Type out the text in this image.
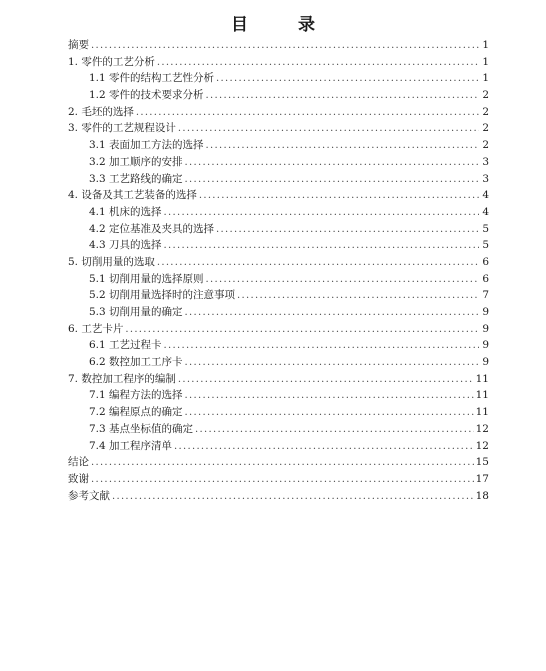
目 录
摘要 .....	1
1. 零件的工艺分析 .....	1
1.1 零件的结构工艺性分析 .....	1
1.2 零件的技术要求分析 .....	2
2. 毛坯的选择 .....	2
3. 零件的工艺规程设计 .....	2
3.1 表面加工方法的选择 .....	2
3.2 加工顺序的安排 .....	3
3.3 工艺路线的确定 .....	3
4. 设备及其工艺装备的选择 .....	4
4.1 机床的选择 .....	4
4.2 定位基准及夹具的选择 .....	5
4.3 刀具的选择 .....	5
5. 切削用量的选取 .....	6
5.1 切削用量的选择原则 .....	6
5.2 切削用量选择时的注意事项 .....	7
5.3 切削用量的确定 .....	9
6. 工艺卡片 .....	9
6.1 工艺过程卡 .....	9
6.2 数控加工工序卡 .....	9
7. 数控加工程序的编制 .....	11
7.1 编程方法的选择 .....	11
7.2 编程原点的确定 .....	11
7.3 基点坐标值的确定 .....	12
7.4 加工程序清单 .....	12
结论 .....	15
致谢 .....	17
参考文献 .....	18
